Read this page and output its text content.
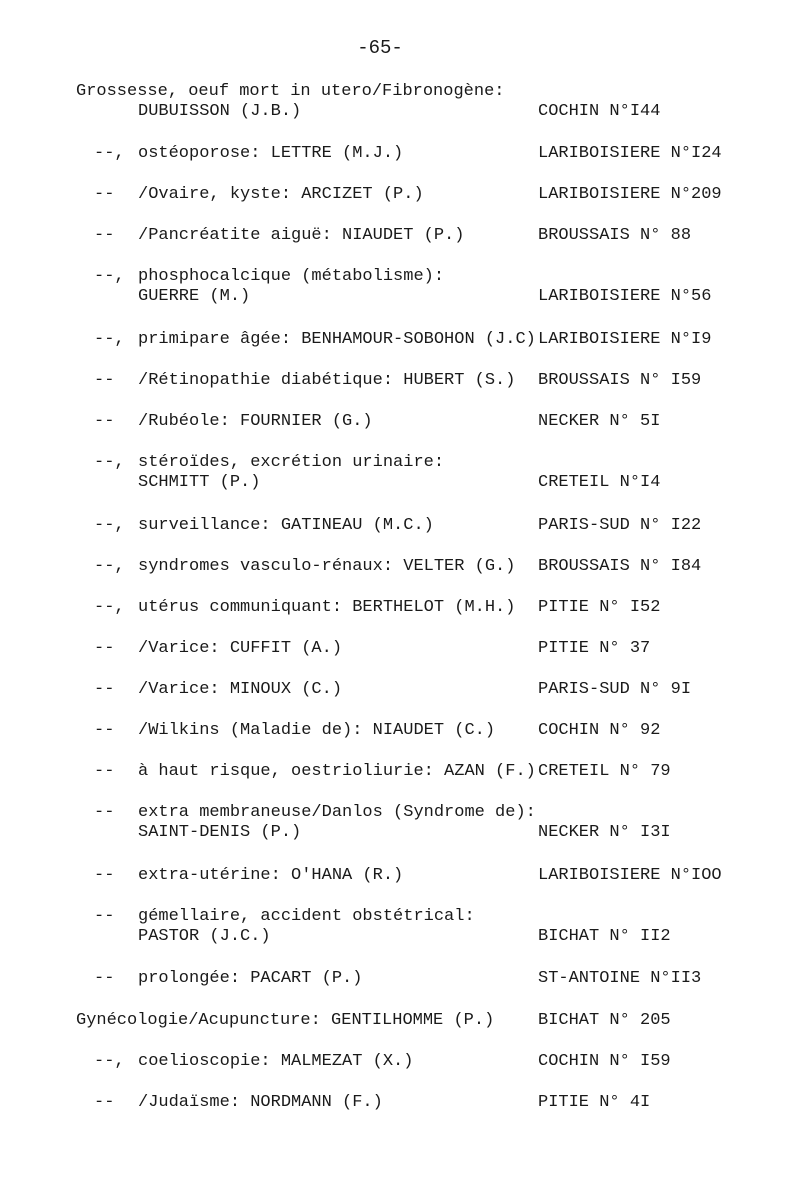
-65-
Grossesse, oeuf mort in utero/Fibronogène:
DUBUISSON (J.B.)	COCHIN N°I44
--, ostéoporose: LETTRE (M.J.)	LARIBOISIERE N°I24
-- /Ovaire, kyste: ARCIZET (P.)	LARIBOISIERE N°209
-- /Pancréatite aiguë: NIAUDET (P.)	BROUSSAIS N° 88
--, phosphocalcique (métabolisme):
GUERRE (M.)	LARIBOISIERE N°56
--, primipare âgée: BENHAMOUR-SOBOHON (J.C) LARIBOISIERE N°I9
-- /Rétinopathie diabétique: HUBERT (S.) BROUSSAIS N° I59
-- /Rubéole: FOURNIER (G.)	NECKER N° 5I
--, stéroïdes, excrétion urinaire:
SCHMITT (P.)	CRETEIL N°I4
--, surveillance: GATINEAU (M.C.)	PARIS-SUD N° I22
--, syndromes vasculo-rénaux: VELTER (G.) BROUSSAIS N° I84
--, utérus communiquant: BERTHELOT (M.H.) PITIE N° I52
-- /Varice: CUFFIT (A.)	PITIE N° 37
-- /Varice: MINOUX (C.)	PARIS-SUD N° 9I
-- /Wilkins (Maladie de): NIAUDET (C.)	COCHIN N° 92
-- à haut risque, oestrioliurie: AZAN (F.) CRETEIL N° 79
-- extra membraneuse/Danlos (Syndrome de):
SAINT-DENIS (P.)	NECKER N° I3I
-- extra-utérine: O'HANA (R.)	LARIBOISIERE N°IOO
-- gémellaire, accident obstétrical:
PASTOR (J.C.)	BICHAT N° II2
-- prolongée: PACART (P.)	ST-ANTOINE N°II3
Gynécologie/Acupuncture: GENTILHOMME (P.)	BICHAT N° 205
--, coelioscopie: MALMEZAT (X.)	COCHIN N° I59
-- /Judaïsme: NORDMANN (F.)	PITIE N° 4I
